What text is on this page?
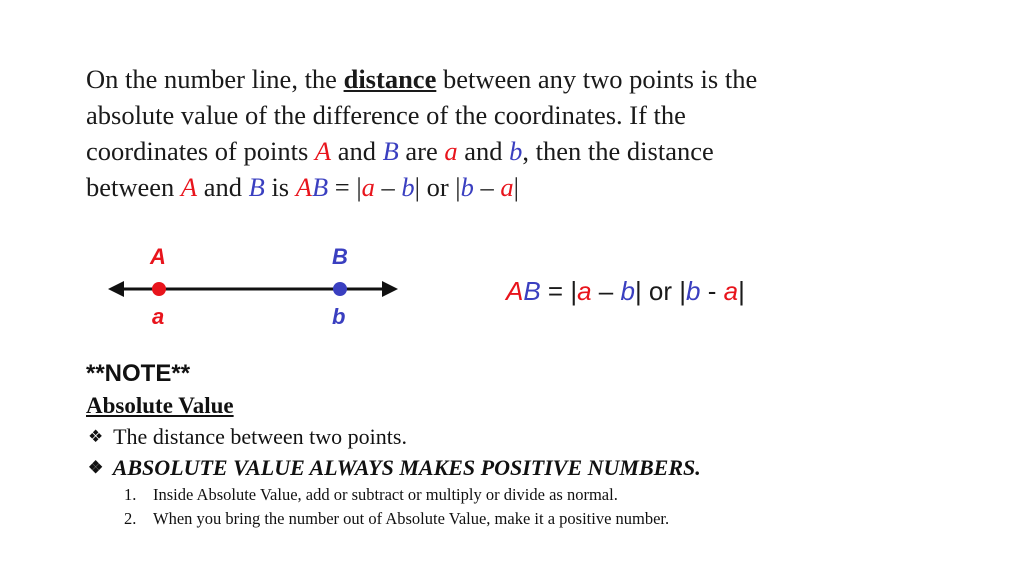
On the number line, the distance between any two points is the
absolute value of the difference of the coordinates. If the
coordinates of points A and B are a and b, then the distance
between A and B is AB = |a – b| or |b – a|
A	B
a	b
AB = |a – b| or |b - a|
**NOTE**
Absolute Value
❖ The distance between two points.
❖ ABSOLUTE VALUE ALWAYS MAKES POSITIVE NUMBERS.
1. Inside Absolute Value, add or subtract or multiply or divide as normal.
2. When you bring the number out of Absolute Value, make it a positive number.
